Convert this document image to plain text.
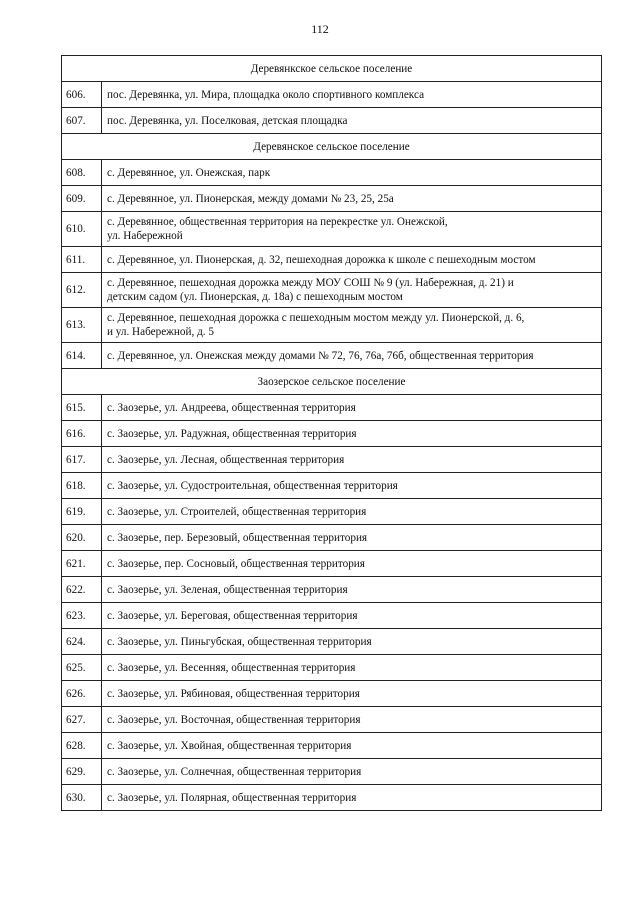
112
Деревянкское сельское поселение	
606.	пос. Деревянка, ул. Мира, площадка около спортивного комплекса
607.	пос. Деревянка, ул. Поселковая, детская площадка
Деревянское сельское поселение	
608.	с. Деревянное, ул. Онежская, парк
609.	с. Деревянное, ул. Пионерская, между домами № 23, 25, 25а
610.	с. Деревянное, общественная территория на перекрестке ул. Онежской,
ул. Набережной

611.	с. Деревянное, ул. Пионерская, д. 32, пешеходная дорожка к школе с пешеходным мостом
612.	с. Деревянное, пешеходная дорожка между МОУ СОШ № 9 (ул. Набережная, д. 21) и
детским садом (ул. Пионерская, д. 18а) с пешеходным мостом

613.	с. Деревянное, пешеходная дорожка с пешеходным мостом между ул. Пионерской, д. 6,
и ул. Набережной, д. 5

614.	с. Деревянное, ул. Онежская между домами № 72, 76, 76а, 76б, общественная территория
Заозерское сельское поселение	
615.	с. Заозерье, ул. Андреева, общественная территория
616.	с. Заозерье, ул. Радужная, общественная территория
617.	с. Заозерье, ул. Лесная, общественная территория
618.	с. Заозерье, ул. Судостроительная, общественная территория
619.	с. Заозерье, ул. Строителей, общественная территория
620.	с. Заозерье, пер. Березовый, общественная территория
621.	с. Заозерье, пер. Сосновый, общественная территория
622.	с. Заозерье, ул. Зеленая, общественная территория
623.	с. Заозерье, ул. Береговая, общественная территория
624.	с. Заозерье, ул. Пиньгубская, общественная территория
625.	с. Заозерье, ул. Весенняя, общественная территория
626.	с. Заозерье, ул. Рябиновая, общественная территория
627.	с. Заозерье, ул. Восточная, общественная территория
628.	с. Заозерье, ул. Хвойная, общественная территория
629.	с. Заозерье, ул. Солнечная, общественная территория
630.	с. Заозерье, ул. Полярная, общественная территория
